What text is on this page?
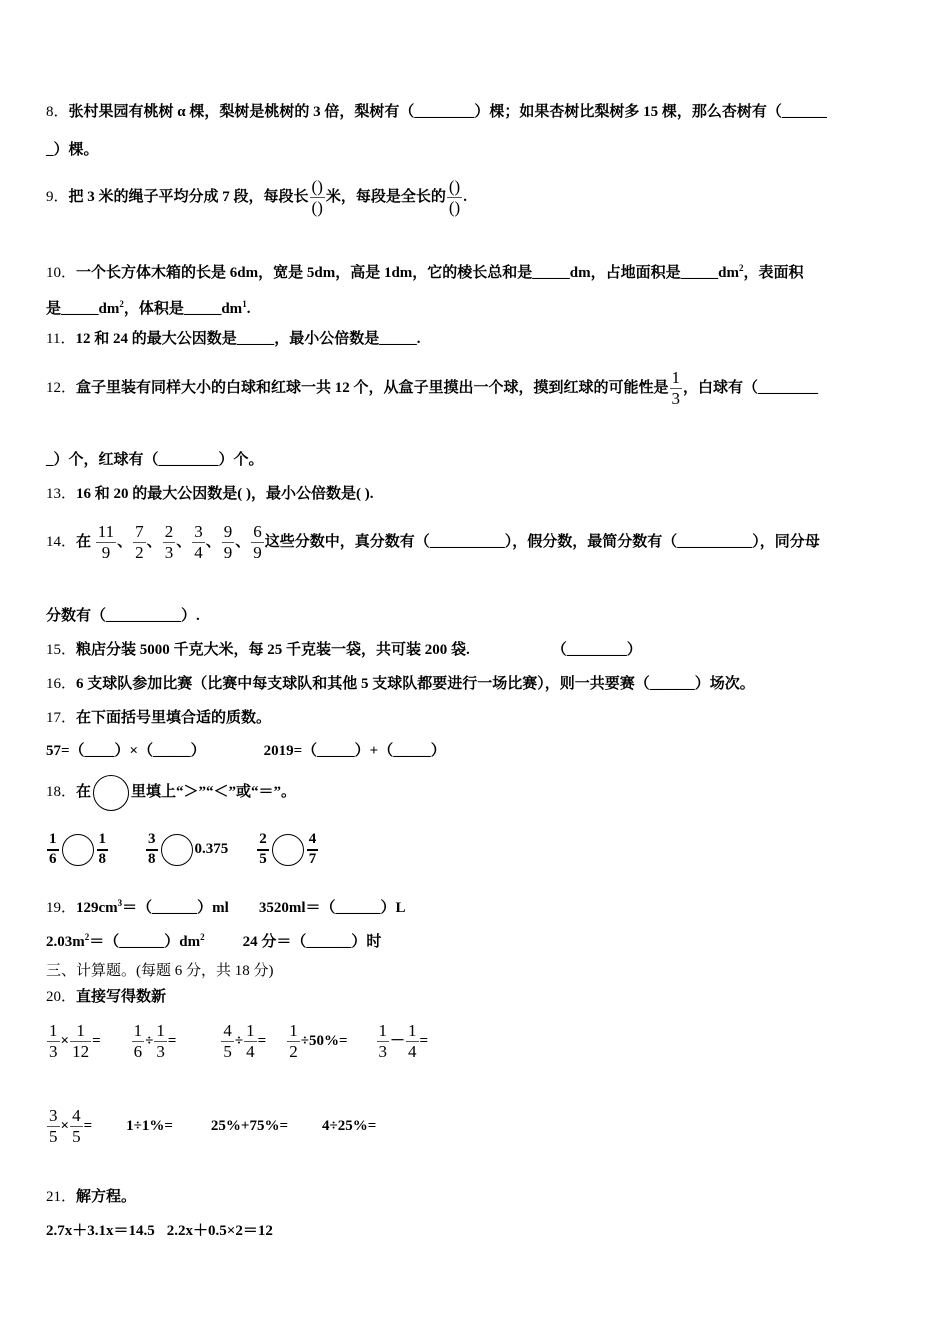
8．张村果园有桃树 α 棵，梨树是桃树的 3 倍，梨树有（________）棵；如果杏树比梨树多 15 棵，那么杏树有（______
_）棵。
9．把 3 米的绳子平均分成 7 段，每段长 $\frac{()}{()}$ 米，每段是全长的 $\frac{()}{()}$ .
10．一个长方体木箱的长是 6dm，宽是 5dm，高是 1dm，它的棱长总和是_____dm，占地面积是$\_\_\_\_\_dm^2$，表面积
是$\_\_\_\_\_dm^2$，体积是$\_\_\_\_\_dm^1$.
11．12 和 24 的最大公因数是_____，最小公倍数是_____.
12．盒子里装有同样大小的白球和红球一共 12 个，从盒子里摸出一个球，摸到红球的可能性是 $\frac{1}{3}$ ，白球有（________
_）个，红球有（________）个。
13．16 和 20 的最大公因数是( )，最小公倍数是( ).
14．在 $\frac{11}{9}$ 、 $\frac{7}{2}$ 、 $\frac{2}{3}$ 、 $\frac{3}{4}$ 、 $\frac{9}{9}$ 、 $\frac{6}{9}$ 这些分数中，真分数有（__________），假分数，最简分数有（__________），同分母
分数有（__________）.
15．粮店分装 5000 千克大米，每 25 千克装一袋，共可装 200 袋.	（________）
16．6 支球队参加比赛（比赛中每支球队和其他 5 支球队都要进行一场比赛），则一共要赛（______）场次。
17．在下面括号里填合适的质数。
57=（____）×（_____）	2019=（_____）+（_____）
18．在	里填上“＞”“＜”或“＝”。
$\frac{1}{6}$	$\frac{1}{8}$	$\frac{3}{8} 0.375 \frac{2}{5}$	$\frac{4}{7}$
19．$129cm^3=(\_\_\_\_\_\_)ml$ 3520ml＝（______）L
$2.03m^2=(\_\_\_\_\_\_)dm^2$	24 分＝（______）时
三、计算题。(每题 6 分，共 18 分)
20．直接写得数新
$\frac{1}{3} \times \frac{1}{12} = \frac{1}{6} \div \frac{1}{3}$ =	$\frac{4}{5} \div \frac{1}{4} = \frac{1}{2} \div 50\%= \frac{1}{3} - \frac{1}{4}$ =
$\frac{3}{5} \times \frac{4}{5} = 1\div 1\%=$	25%+75%= 4÷25%=
21．解方程。
2.7x＋3.1x＝14.5 2.2x＋0.5×2＝12
